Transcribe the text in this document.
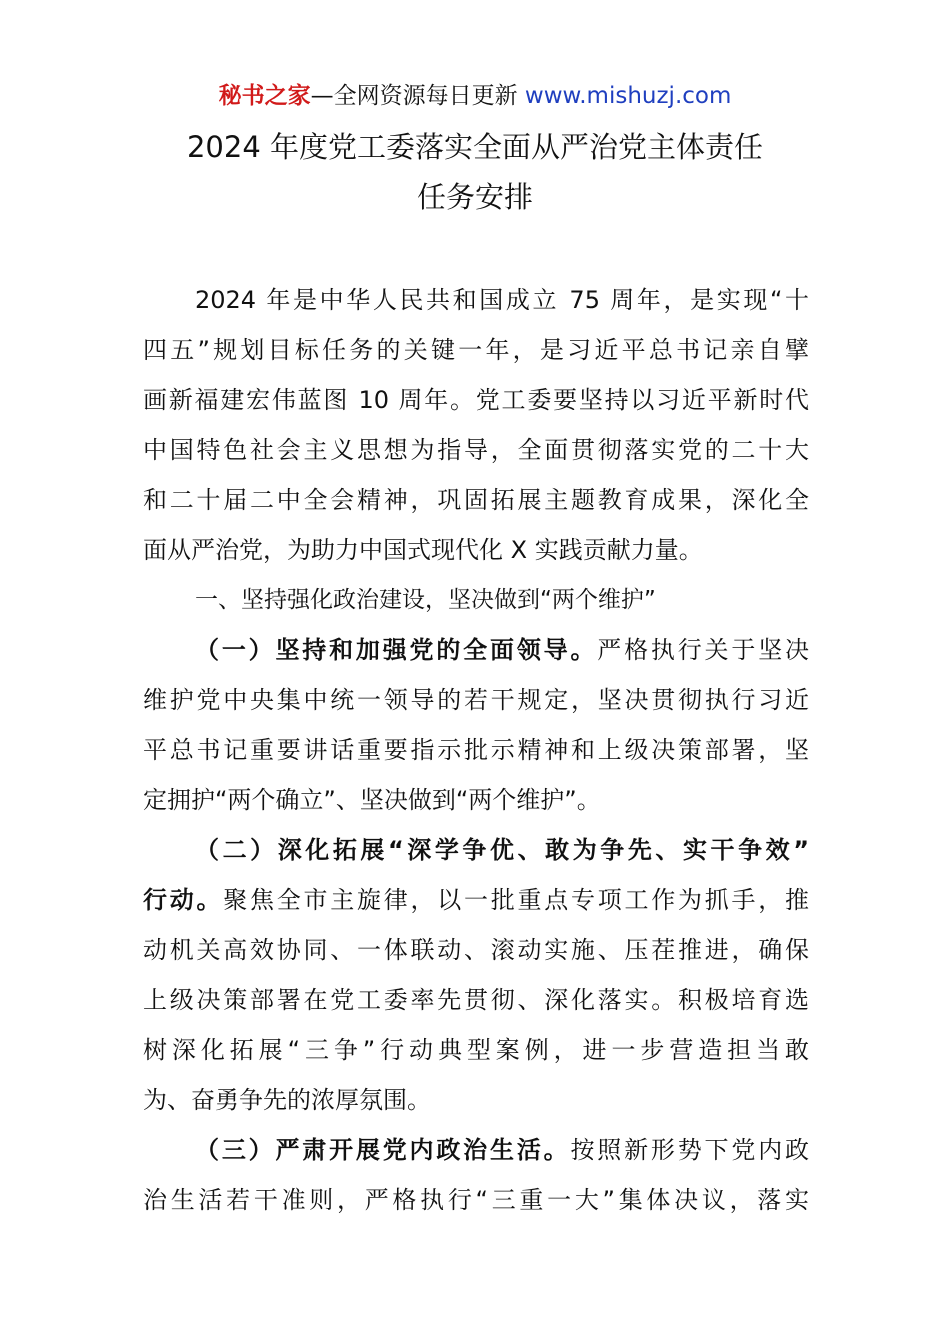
秘书之家—全网资源每日更新 www.mishuzj.com
2024 年度党工委落实全面从严治党主体责任
任务安排
2024 年是中华人民共和国成立 75 周年，是实现“十
四五”规划目标任务的关键一年，是习近平总书记亲自擘
画新福建宏伟蓝图 10 周年。党工委要坚持以习近平新时代
中国特色社会主义思想为指导，全面贯彻落实党的二十大
和二十届二中全会精神，巩固拓展主题教育成果，深化全
面从严治党，为助力中国式现代化 X 实践贡献力量。
一、坚持强化政治建设，坚决做到“两个维护”
（一）坚持和加强党的全面领导。严格执行关于坚决
维护党中央集中统一领导的若干规定，坚决贯彻执行习近
平总书记重要讲话重要指示批示精神和上级决策部署，坚
定拥护“两个确立”、坚决做到“两个维护”。
（二）深化拓展“深学争优、敢为争先、实干争效”
行动。聚焦全市主旋律，以一批重点专项工作为抓手，推
动机关高效协同、一体联动、滚动实施、压茬推进，确保
上级决策部署在党工委率先贯彻、深化落实。积极培育选
树深化拓展“三争”行动典型案例，进一步营造担当敢
为、奋勇争先的浓厚氛围。
（三）严肃开展党内政治生活。按照新形势下党内政
治生活若干准则，严格执行“三重一大”集体决议，落实
